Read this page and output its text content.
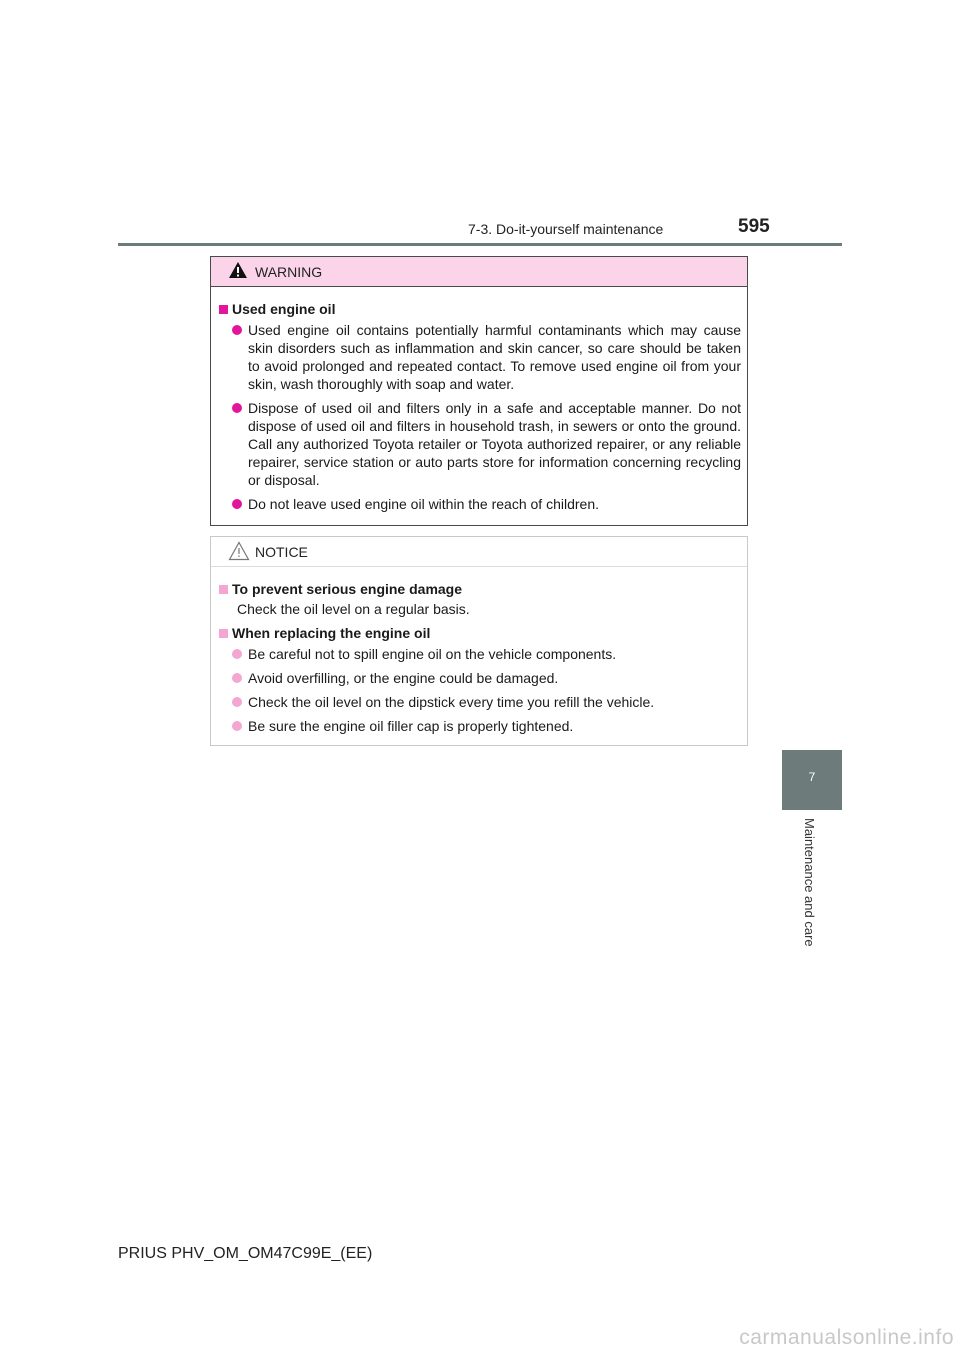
7-3. Do-it-yourself maintenance	595
7
Maintenance and care
WARNING
Used engine oil
Used engine oil contains potentially harmful contaminants which may cause skin disorders such as inflammation and skin cancer, so care should be taken to avoid prolonged and repeated contact. To remove used engine oil from your skin, wash thoroughly with soap and water.
Dispose of used oil and filters only in a safe and acceptable manner. Do not dispose of used oil and filters in household trash, in sewers or onto the ground. Call any authorized Toyota retailer or Toyota authorized repairer, or any reliable repairer, service station or auto parts store for information concerning recycling or disposal.
Do not leave used engine oil within the reach of children.
NOTICE
To prevent serious engine damage
Check the oil level on a regular basis.
When replacing the engine oil
Be careful not to spill engine oil on the vehicle components.
Avoid overfilling, or the engine could be damaged.
Check the oil level on the dipstick every time you refill the vehicle.
Be sure the engine oil filler cap is properly tightened.
PRIUS PHV_OM_OM47C99E_(EE)
carmanualsonline.info
